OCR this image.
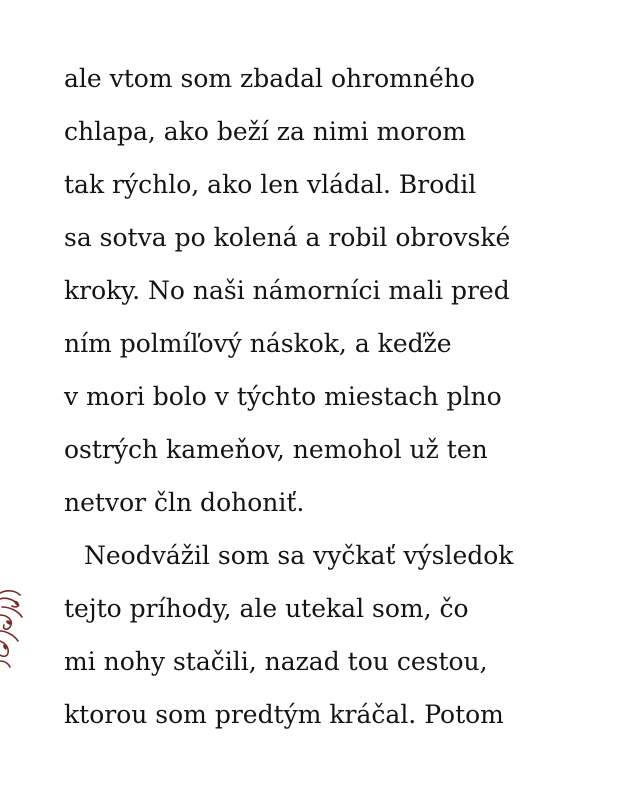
ale vtom som zbadal ohromného
chlapa, ako beží za nimi morom
tak rýchlo, ako len vládal. Brodil
sa sotva po kolená a robil obrovské
kroky. No naši námorníci mali pred
ním polmíľový náskok, a keďže
v mori bolo v týchto miestach plno
ostrých kameňov, nemohol už ten
netvor čln dohoniť.
Neodvážil som sa vyčkať výsledok
tejto príhody, ale utekal som, čo
mi nohy stačili, nazad tou cestou,
ktorou som predtým kráčal. Potom
